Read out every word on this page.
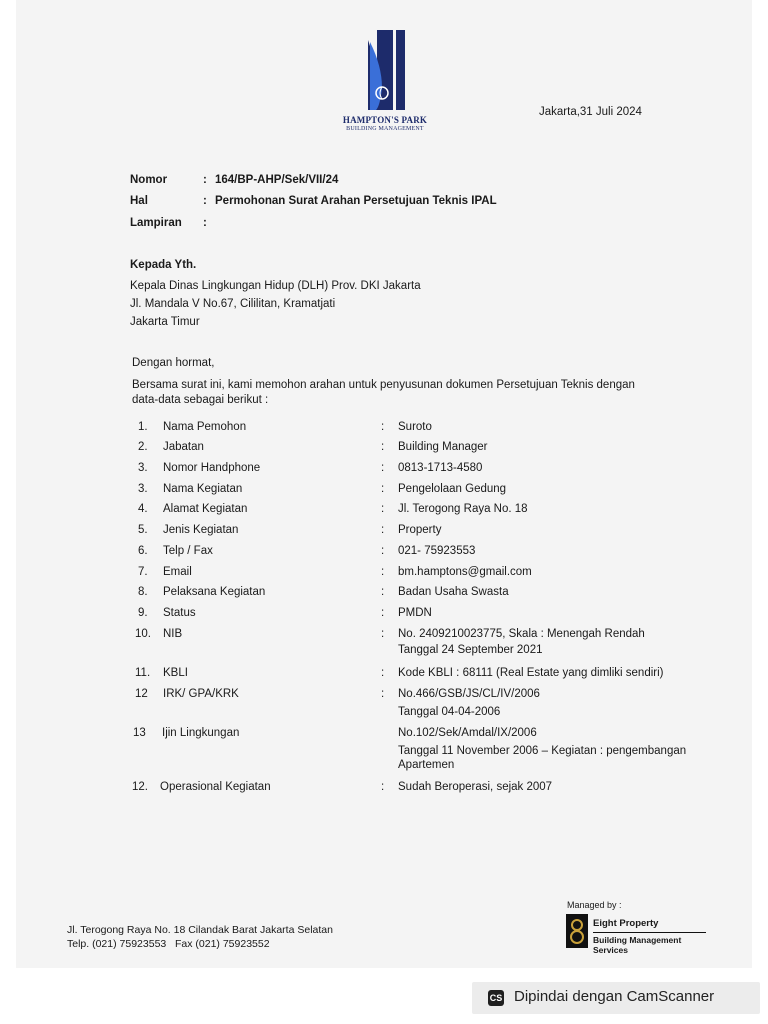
HAMPTON'S PARK
BUILDING MANAGEMENT
Jakarta,31 Juli 2024
Nomor	: 164/BP-AHP/Sek/VII/24
Hal	: Permohonan Surat Arahan Persetujuan Teknis IPAL
Lampiran :
Kepada Yth.
Kepala Dinas Lingkungan Hidup (DLH) Prov. DKI Jakarta
Jl. Mandala V No.67, Cililitan, Kramatjati
Jakarta Timur
Dengan hormat,
Bersama surat ini, kami memohon arahan untuk penyusunan dokumen Persetujuan Teknis dengan
data-data sebagai berikut :
1. Nama Pemohon	: Suroto
2. Jabatan	: Building Manager
3. Nomor Handphone	: 0813-1713-4580
3. Nama Kegiatan	: Pengelolaan Gedung
4. Alamat Kegiatan	: Jl. Terogong Raya No. 18
5. Jenis Kegiatan	: Property
6. Telp / Fax	: 021- 75923553
7. Email	: bm.hamptons@gmail.com
8. Pelaksana Kegiatan	: Badan Usaha Swasta
9. Status	: PMDN
10. NIB	: No. 2409210023775, Skala : Menengah Rendah
Tanggal 24 September 2021
11. KBLI	: Kode KBLI : 68111 (Real Estate yang dimliki sendiri)
12 IRK/ GPA/KRK	: No.466/GSB/JS/CL/IV/2006
Tanggal 04-04-2006
13 Ijin Lingkungan	No.102/Sek/Amdal/IX/2006
Tanggal 11 November 2006 – Kegiatan : pengembangan
Apartemen
12. Operasional Kegiatan	: Sudah Beroperasi, sejak 2007
Jl. Terogong Raya No. 18 Cilandak Barat Jakarta Selatan
Telp. (021) 75923553   Fax (021) 75923552
Managed by :
Eight Property
Building Management Services
CS Dipindai dengan CamScanner
